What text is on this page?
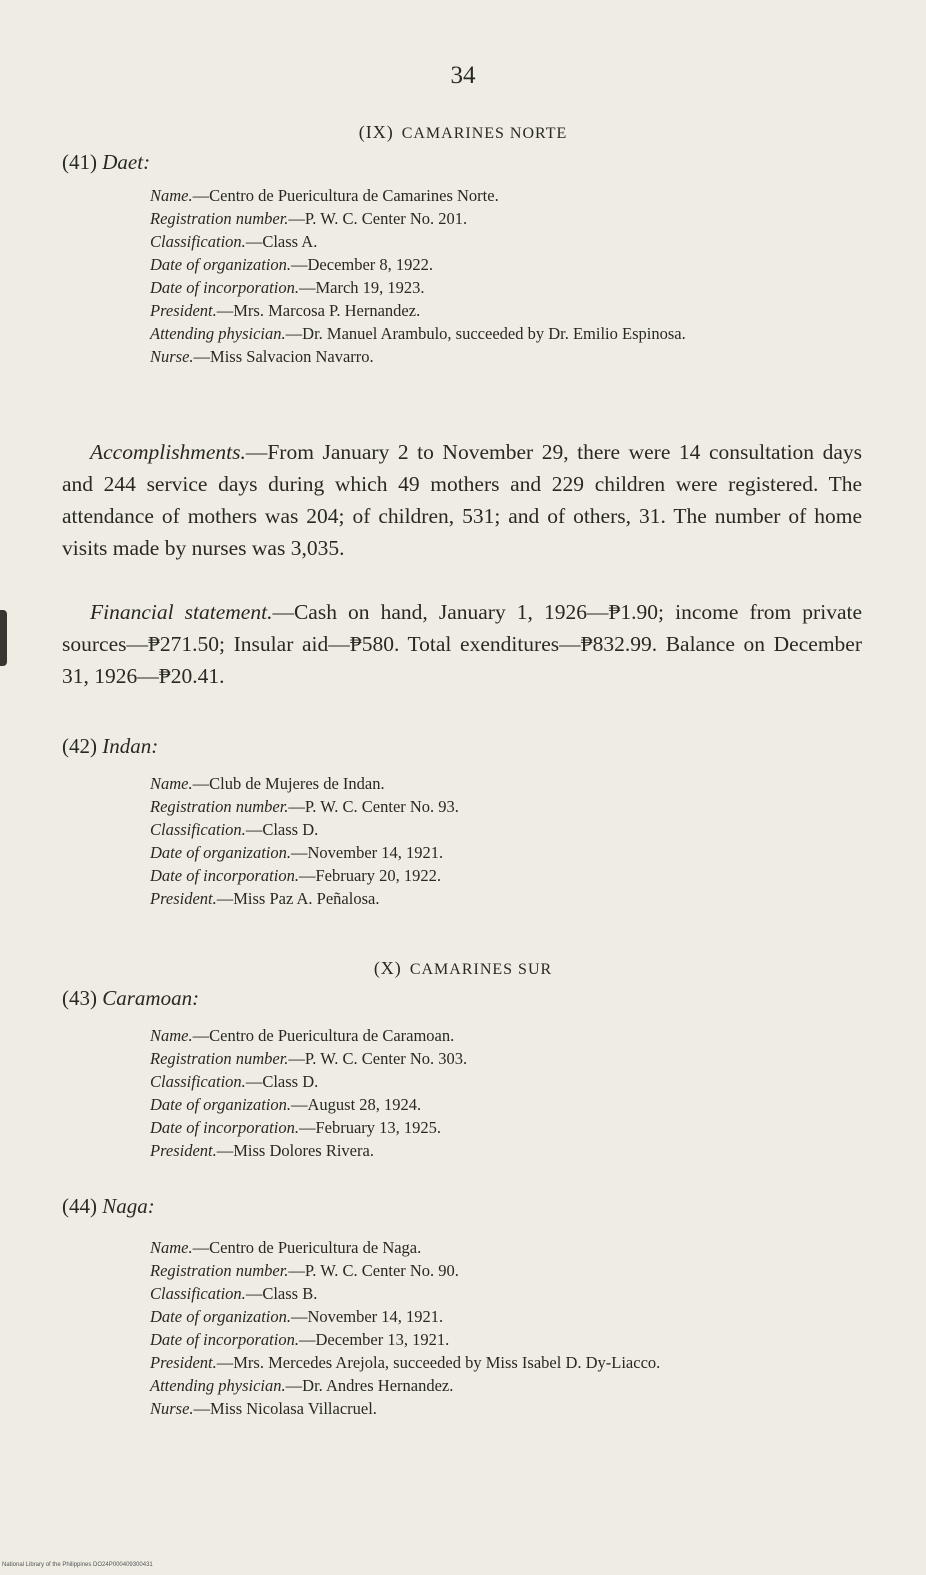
34
(IX) CAMARINES NORTE
(41) Daet:
Name.—Centro de Puericultura de Camarines Norte.
Registration number.—P. W. C. Center No. 201.
Classification.—Class A.
Date of organization.—December 8, 1922.
Date of incorporation.—March 19, 1923.
President.—Mrs. Marcosa P. Hernandez.
Attending physician.—Dr. Manuel Arambulo, succeeded by Dr. Emilio Espinosa.
Nurse.—Miss Salvacion Navarro.
Accomplishments.—From January 2 to November 29, there were 14 consultation days and 244 service days during which 49 mothers and 229 children were registered. The attendance of mothers was 204; of children, 531; and of others, 31. The number of home visits made by nurses was 3,035.
Financial statement.—Cash on hand, January 1, 1926—₱1.90; income from private sources—₱271.50; Insular aid—₱580. Total exenditures—₱832.99. Balance on December 31, 1926—₱20.41.
(42) Indan:
Name.—Club de Mujeres de Indan.
Registration number.—P. W. C. Center No. 93.
Classification.—Class D.
Date of organization.—November 14, 1921.
Date of incorporation.—February 20, 1922.
President.—Miss Paz A. Peñalosa.
(X) CAMARINES SUR
(43) Caramoan:
Name.—Centro de Puericultura de Caramoan.
Registration number.—P. W. C. Center No. 303.
Classification.—Class D.
Date of organization.—August 28, 1924.
Date of incorporation.—February 13, 1925.
President.—Miss Dolores Rivera.
(44) Naga:
Name.—Centro de Puericultura de Naga.
Registration number.—P. W. C. Center No. 90.
Classification.—Class B.
Date of organization.—November 14, 1921.
Date of incorporation.—December 13, 1921.
President.—Mrs. Mercedes Arejola, succeeded by Miss Isabel D. Dy-Liacco.
Attending physician.—Dr. Andres Hernandez.
Nurse.—Miss Nicolasa Villacruel.
National Library of the Philippines DO24P000409300431
